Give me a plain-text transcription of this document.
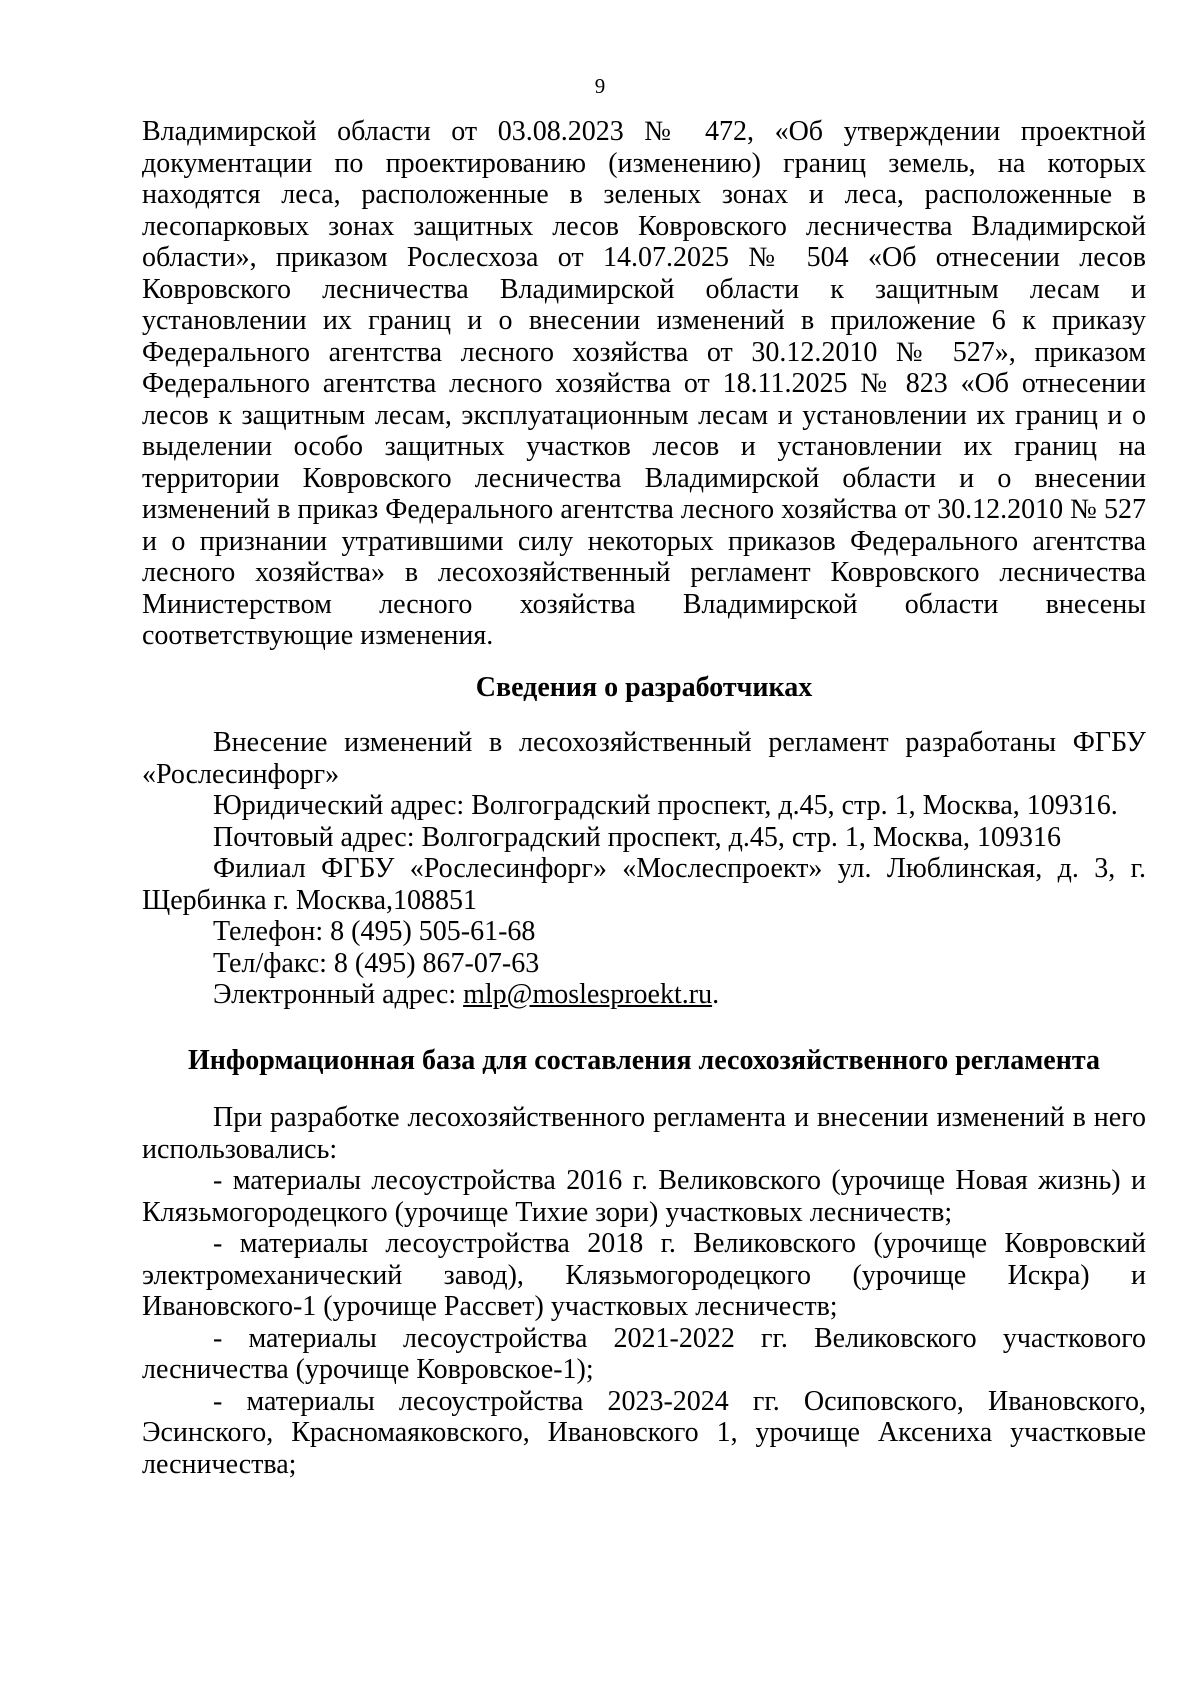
9

Владимирской области от 03.08.2023 № 472, «Об утверждении проектной документации по проектированию (изменению) границ земель, на которых находятся леса, расположенные в зеленых зонах и леса, расположенные в лесопарковых зонах защитных лесов Ковровского лесничества Владимирской области», приказом Рослесхоза от 14.07.2025 № 504 «Об отнесении лесов Ковровского лесничества Владимирской области к защитным лесам и установлении их границ и о внесении изменений в приложение 6 к приказу Федерального агентства лесного хозяйства от 30.12.2010 № 527», приказом Федерального агентства лесного хозяйства от 18.11.2025 № 823 «Об отнесении лесов к защитным лесам, эксплуатационным лесам и установлении их границ и о выделении особо защитных участков лесов и установлении их границ на территории Ковровского лесничества Владимирской области и о внесении изменений в приказ Федерального агентства лесного хозяйства от 30.12.2010 № 527 и о признании утратившими силу некоторых приказов Федерального агентства лесного хозяйства» в лесохозяйственный регламент Ковровского лесничества Министерством лесного хозяйства Владимирской области внесены соответствующие изменения.

Сведения о разработчиках

Внесение изменений в лесохозяйственный регламент разработаны ФГБУ «Рослесинфорг»

Юридический адрес: Волгоградский проспект, д.45, стр. 1, Москва, 109316.

Почтовый адрес: Волгоградский проспект, д.45, стр. 1, Москва, 109316

Филиал ФГБУ «Рослесинфорг» «Мослеспроект» ул. Люблинская, д. 3, г. Щербинка г. Москва,108851

Телефон: 8 (495) 505-61-68

Тел/факс: 8 (495) 867-07-63

Электронный адрес: mlp@moslesproekt.ru.

Информационная база для составления лесохозяйственного регламента

При разработке лесохозяйственного регламента и внесении изменений в него использовались:

- материалы лесоустройства 2016 г. Великовского (урочище Новая жизнь) и Клязьмогородецкого (урочище Тихие зори) участковых лесничеств;

- материалы лесоустройства 2018 г. Великовского (урочище Ковровский электромеханический завод), Клязьмогородецкого (урочище Искра) и Ивановского-1 (урочище Рассвет) участковых лесничеств;

- материалы лесоустройства 2021-2022 гг. Великовского участкового лесничества (урочище Ковровское-1);

- материалы лесоустройства 2023-2024 гг. Осиповского, Ивановского, Эсинского, Красномаяковского, Ивановского 1, урочище Аксениха участковые лесничества;
